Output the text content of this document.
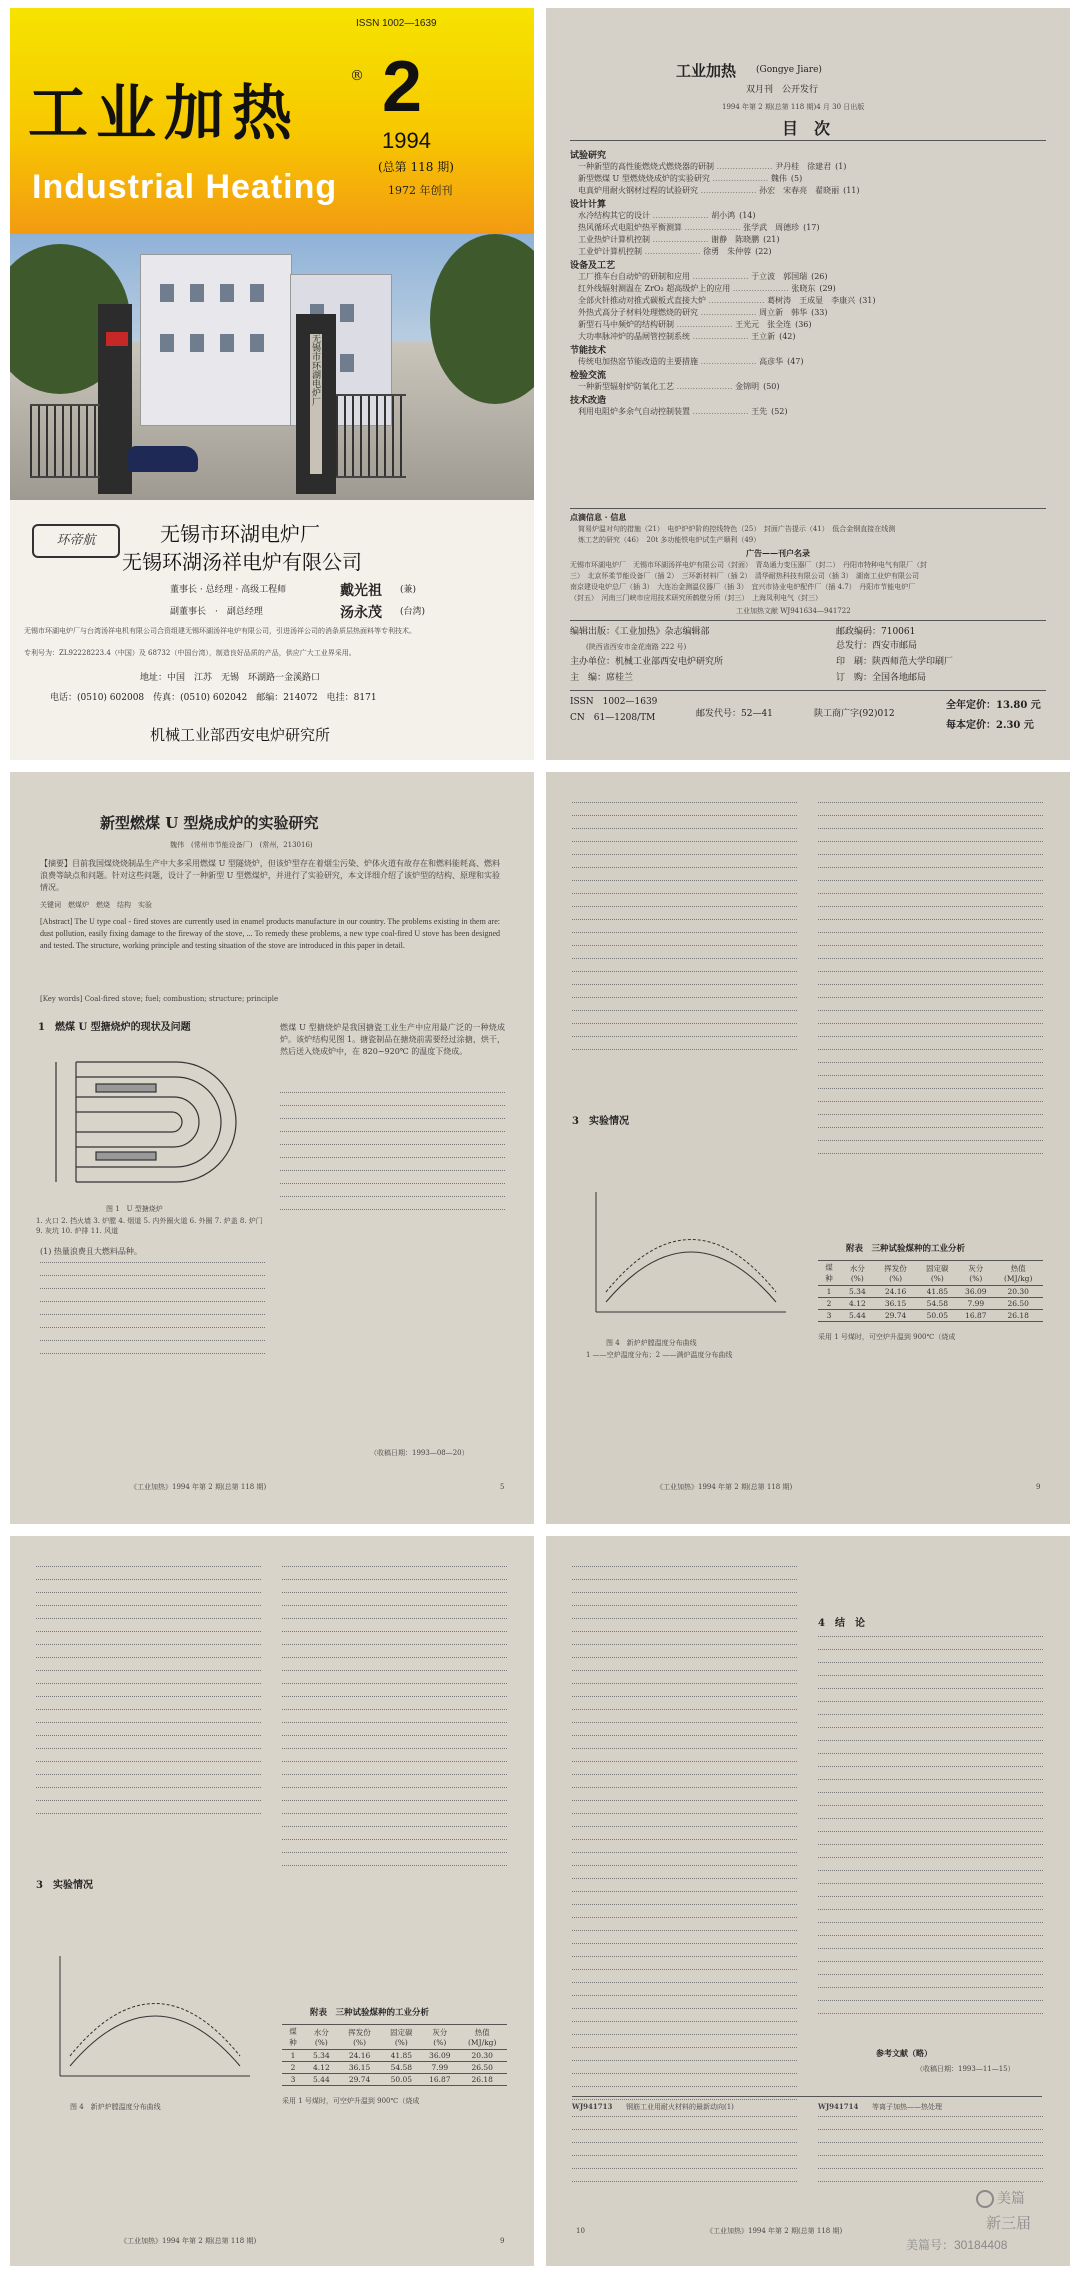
ISSN 1002—1639
工业加热
® 2
1994
(总第 118 期)
1972 年创刊
Industrial Heating
无锡市环湖电炉厂
环帝航	无锡市环湖电炉厂
无锡环湖汤祥电炉有限公司
董事长 · 总经理 · 高级工程师	戴光祖 (兼)
副董事长　·　副总经理	汤永茂 (台湾)
无锡市环湖电炉厂与台湾汤祥电机有限公司合资组建无锡环湖汤祥电炉有限公司，引进汤祥公司的消条质层热面料等专利技术。
专利号为：ZL92228223.4（中国）及 68732（中国台湾），制造良好品质的产品，供应广大工业界采用。
地址：中国　江苏　无锡　环湖路一金溪路口
电话：(0510) 602008　传真：(0510) 602042　邮编：214072　电挂：8171
机械工业部西安电炉研究所
工业加热 (Gongye Jiare)
双月刊　公开发行
1994 年第 2 期(总第 118 期)4 月 30 日出版
目　次
试验研究
一种新型的高性能燃烧式燃烧器的研制 ………………… 尹丹桂　徐建君 (1)
新型燃煤 U 型燃烧烧成炉的实验研究 ………………… 魏伟 (5)
电真炉用耐火钢材过程的试验研究 ………………… 孙宏　宋春亮　翟晓丽 (11)
设计计算
水冷结构其它的设计 ………………… 胡小鸿 (14)
热风循环式电阻炉热平衡测算 ………………… 张学武　周德珍 (17)
工业热炉计算机控制 ………………… 谢静　陈晓鹏 (21)
工业炉计算机控制 ………………… 徐勇　朱仲蓉 (22)
设备及工艺
工厂推车台自动炉的研制和应用 ………………… 于立波　郭国瑞 (26)
红外线辐射测温在 ZrO₂ 超高级炉上的应用 ………………… 张晓东 (29)
全部火针推动对推式碳板式直接大炉 ………………… 葛树涛　王成显　李康兴 (31)
外热式高分子材料处理燃烧的研究 ………………… 周立新　韩华 (33)
新型石马中频炉的结构研制 ………………… 王光元　张全连 (36)
大功率脉冲炉的晶闸管控制系统 ………………… 王立新 (42)
节能技术
传统电加热窑节能改造的主要措施 ………………… 高彦华 (47)
检验交流
一种新型辐射炉防氧化工艺 ………………… 金锦明 (50)
技术改造
利用电阻炉多余气自动控制装置 ………………… 王先 (52)
点滴信息 · 信息
简易炉温对句的措施（21）　电炉炉炉阶的控线特色（25）　封面广告提示（41）　低合金钢直接在线测
炼工艺的研究（46）　20t 多功能铁电炉试生产顺利（49）
广告——刊户名录
无锡市环湖电炉厂　无锡市环湖汤祥电炉有限公司（封面）　青岛通力变压器厂（封二）　丹阳市特种电气有限厂（封
三）　北京怀柔节能设备厂（插 2）　三环新材料厂（插 2）　清华耐热科技有限公司（插 3）　湖南工业炉有限公司
南京建设电炉总厂（插 3）　大连冶金测温仪器厂（插 3）　宜兴市协业电炉配件厂（插 4.7）　丹阳市节能电炉厂
（封五）　河南三门峡市应用技术研究所鹤壁分所（封三）　上海凤利电气（封三）
工业加热文献 WJ941634—941722
编辑出版：《工业加热》杂志编辑部	邮政编码：710061
(陕西省西安市金花南路 222 号)	总发行：西安市邮局
主办单位：机械工业部西安电炉研究所	印　刷：陕西师范大学印刷厂
主　编：席桂兰	订　购：全国各地邮局
ISSN　1002—1639
CN　61—1208/TM	邮发代号：52—41	陕工商广字(92)012
全年定价：13.80 元
每本定价：2.30 元
新型燃煤 U 型烧成炉的实验研究
魏伟　(常州市节能设备厂)　(常州，213016)
【摘要】目前我国煤烧烧制品生产中大多采用燃煤 U 型隧烧炉，但该炉型存在着烟尘污染、炉体火道有故存在和燃料能耗高、燃料浪费等缺点和问题。针对这些问题，设计了一种新型 U 型燃煤炉，并进行了实验研究，本文详细介绍了该炉型的结构、原理和实验情况。
关键词　燃煤炉　燃烧　结构　实验
[Abstract] The U type coal - fired stoves are currently used in enamel products manufacture in our country. The problems existing in them are: dust pollution, easily fixing damage to the fireway of the stove, ... To remedy these problems, a new type coal-fired U stove has been designed and tested. The structure, working principle and testing situation of the stove are introduced in this paper in detail.
[Key words] Coal-fired stove; fuel; combustion; structure; principle
1　燃煤 U 型搪烧炉的现状及问题
图 1　U 型搪烧炉
1. 火口 2. 挡火墙 3. 炉膛 4. 烟道 5. 内外圈火道 6. 外圈 7. 炉盖 8. 炉门 9. 灰坑 10. 炉排 11. 风道
燃煤 U 型搪烧炉是我国搪瓷工业生产中应用最广泛的一种烧成炉。该炉结构见图 1。搪瓷制品在搪烧前需要经过涂搪，烘干，然后送入烧成炉中，在 820~920℃ 的温度下烧成。
(1) 热量浪费且大燃料品种。
（收稿日期：1993—08—20）
《工业加热》1994 年第 2 期(总第 118 期)	5
3　实验情况
图 4　新炉炉膛温度分布曲线
1 ——空炉温度分布；2 ——满炉温度分布曲线
附表　三种试验煤种的工业分析
煤种	水分(%)	挥发份(%)	固定碳(%)	灰分(%)	热值(MJ/kg)
1	5.34	24.16	41.85	36.09	20.30
2	4.12	36.15	54.58	7.99	26.50
3	5.44	29.74	50.05	16.87	26.18
采用 1 号煤时，可空炉升温到 900℃（烧成
《工业加热》1994 年第 2 期(总第 118 期)	9
3　实验情况
图 4　新炉炉膛温度分布曲线
附表　三种试验煤种的工业分析
煤种	水分(%)	挥发份(%)	固定碳(%)	灰分(%)	热值(MJ/kg)
1	5.34	24.16	41.85	36.09	20.30
2	4.12	36.15	54.58	7.99	26.50
3	5.44	29.74	50.05	16.87	26.18
采用 1 号煤时，可空炉升温到 900℃（烧成
《工业加热》1994 年第 2 期(总第 118 期)	9
4　结　论
参考文献（略）
（收稿日期：1993—11—15）
WJ941713 钢筋工业用耐火材料的最新动向(1)	WJ941714 等离子加热——热处理
10	《工业加热》1994 年第 2 期(总第 118 期)
美篇
新三届
美篇号：30184408
